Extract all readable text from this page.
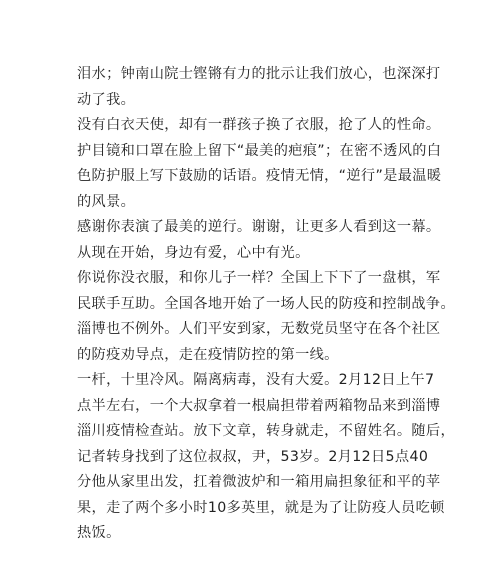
泪水；钟南山院士铿锵有力的批示让我们放心，也深深打
动了我。
没有白衣天使，却有一群孩子换了衣服，抢了人的性命。
护目镜和口罩在脸上留下“最美的疤痕”；在密不透风的白
色防护服上写下鼓励的话语。疫情无情，“逆行”是最温暖
的风景。
感谢你表演了最美的逆行。谢谢，让更多人看到这一幕。
从现在开始，身边有爱，心中有光。
你说你没衣服，和你儿子一样？全国上下下了一盘棋，军
民联手互助。全国各地开始了一场人民的防疫和控制战争。
淄博也不例外。人们平安到家，无数党员坚守在各个社区
的防疫劝导点，走在疫情防控的第一线。
一杆，十里冷风。隔离病毒，没有大爱。2月12日上午7
点半左右，一个大叔拿着一根扁担带着两箱物品来到淄博
淄川疫情检查站。放下文章，转身就走，不留姓名。随后，
记者转身找到了这位叔叔，尹，53岁。2月12日5点40
分他从家里出发，扛着微波炉和一箱用扁担象征和平的苹
果，走了两个多小时10多英里，就是为了让防疫人员吃顿
热饭。
